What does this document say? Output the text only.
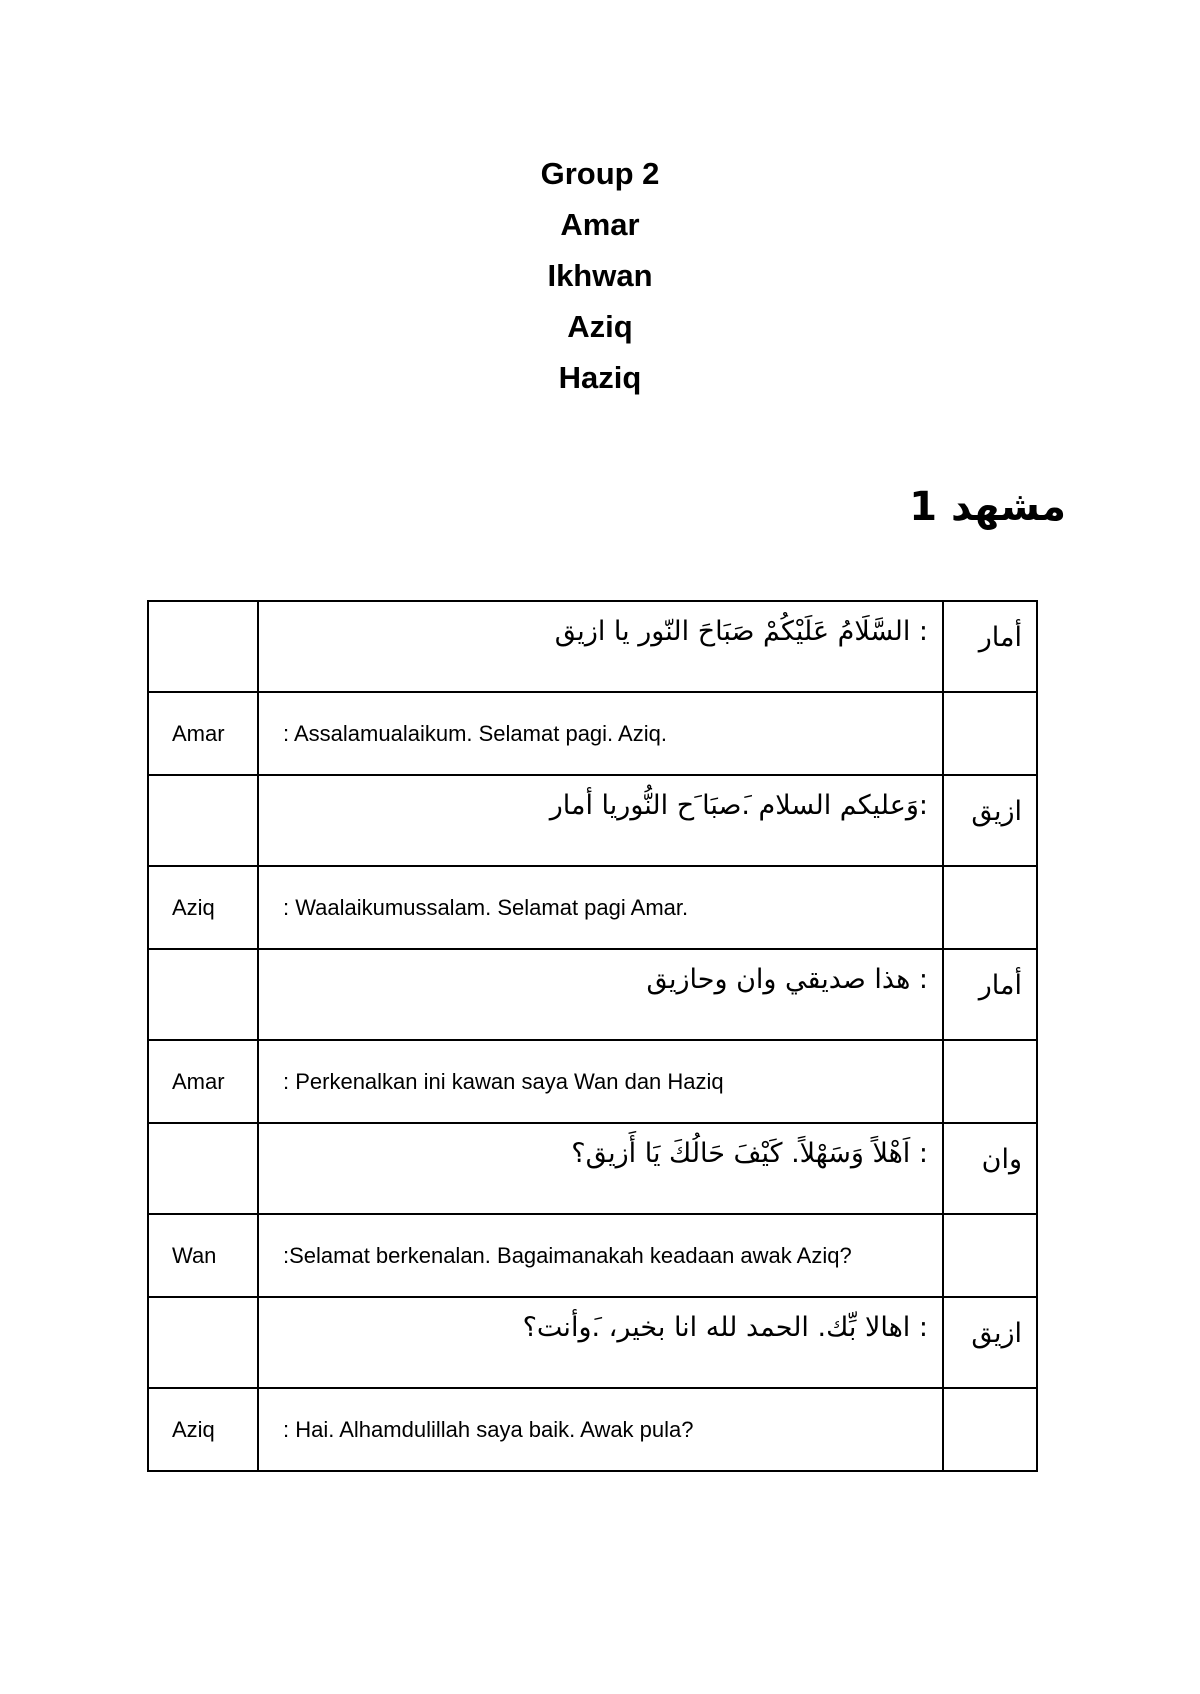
Group 2
Amar
Ikhwan
Aziq
Haziq
مشهد 1
	: السَّلَامُ عَلَيْكُمْ صَبَاحَ النّور يا ازيق	أمار
Amar	: Assalamualaikum. Selamat pagi. Aziq.	
	:وَعليكم السلام .َصبَا َح النُّوريا أمار	ازيق
Aziq	: Waalaikumussalam. Selamat pagi Amar.	
	: هذا صديقي وان وحازيق	أمار
Amar	: Perkenalkan ini kawan saya Wan dan Haziq	
	: اَهْلاً وَسَهْلاً. كَيْفَ حَالُكَ يَا أَزيق؟	وان
Wan	:Selamat berkenalan. Bagaimanakah keadaan awak Aziq?	
	: اهالا بِّك. الحمد لله انا بخير، .َوأنت؟	ازيق
Aziq	: Hai. Alhamdulillah saya baik. Awak pula?	
